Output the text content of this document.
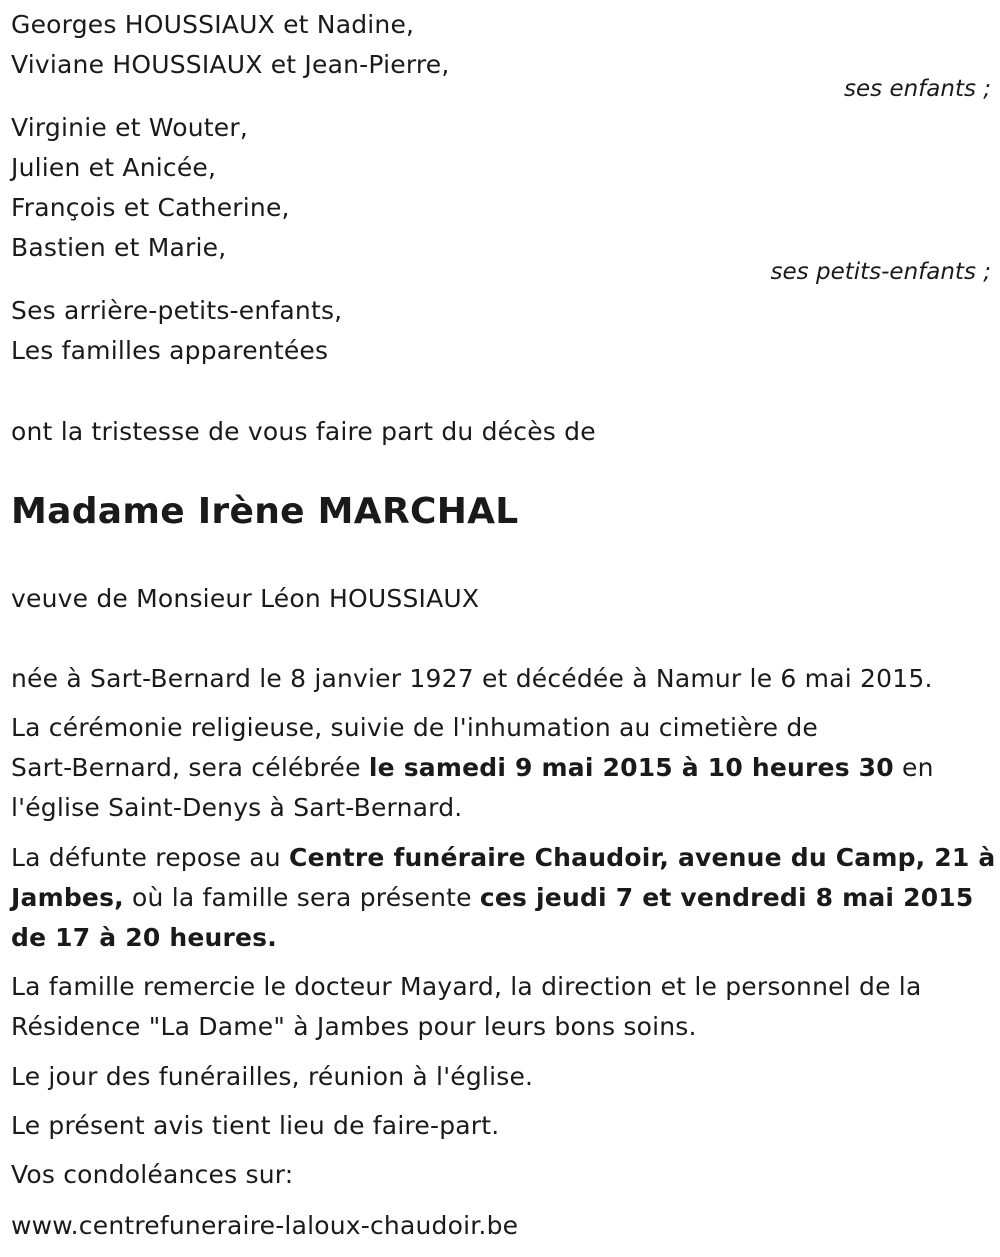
Georges HOUSSIAUX et Nadine,
Viviane HOUSSIAUX et Jean-Pierre,
ses enfants ;
Virginie et Wouter,
Julien et Anicée,
François et Catherine,
Bastien et Marie,
ses petits-enfants ;
Ses arrière-petits-enfants,
Les familles apparentées
ont la tristesse de vous faire part du décès de
Madame Irène MARCHAL
veuve de Monsieur Léon HOUSSIAUX
née à Sart-Bernard le 8 janvier 1927 et décédée à Namur le 6 mai 2015.
La cérémonie religieuse, suivie de l'inhumation au cimetière de
Sart-Bernard, sera célébrée le samedi 9 mai 2015 à 10 heures 30 en
l'église Saint-Denys à Sart-Bernard.
La défunte repose au Centre funéraire Chaudoir, avenue du Camp, 21 à
Jambes, où la famille sera présente ces jeudi 7 et vendredi 8 mai 2015
de 17 à 20 heures.
La famille remercie le docteur Mayard, la direction et le personnel de la
Résidence "La Dame" à Jambes pour leurs bons soins.
Le jour des funérailles, réunion à l'église.
Le présent avis tient lieu de faire-part.
Vos condoléances sur:
www.centrefuneraire-laloux-chaudoir.be
